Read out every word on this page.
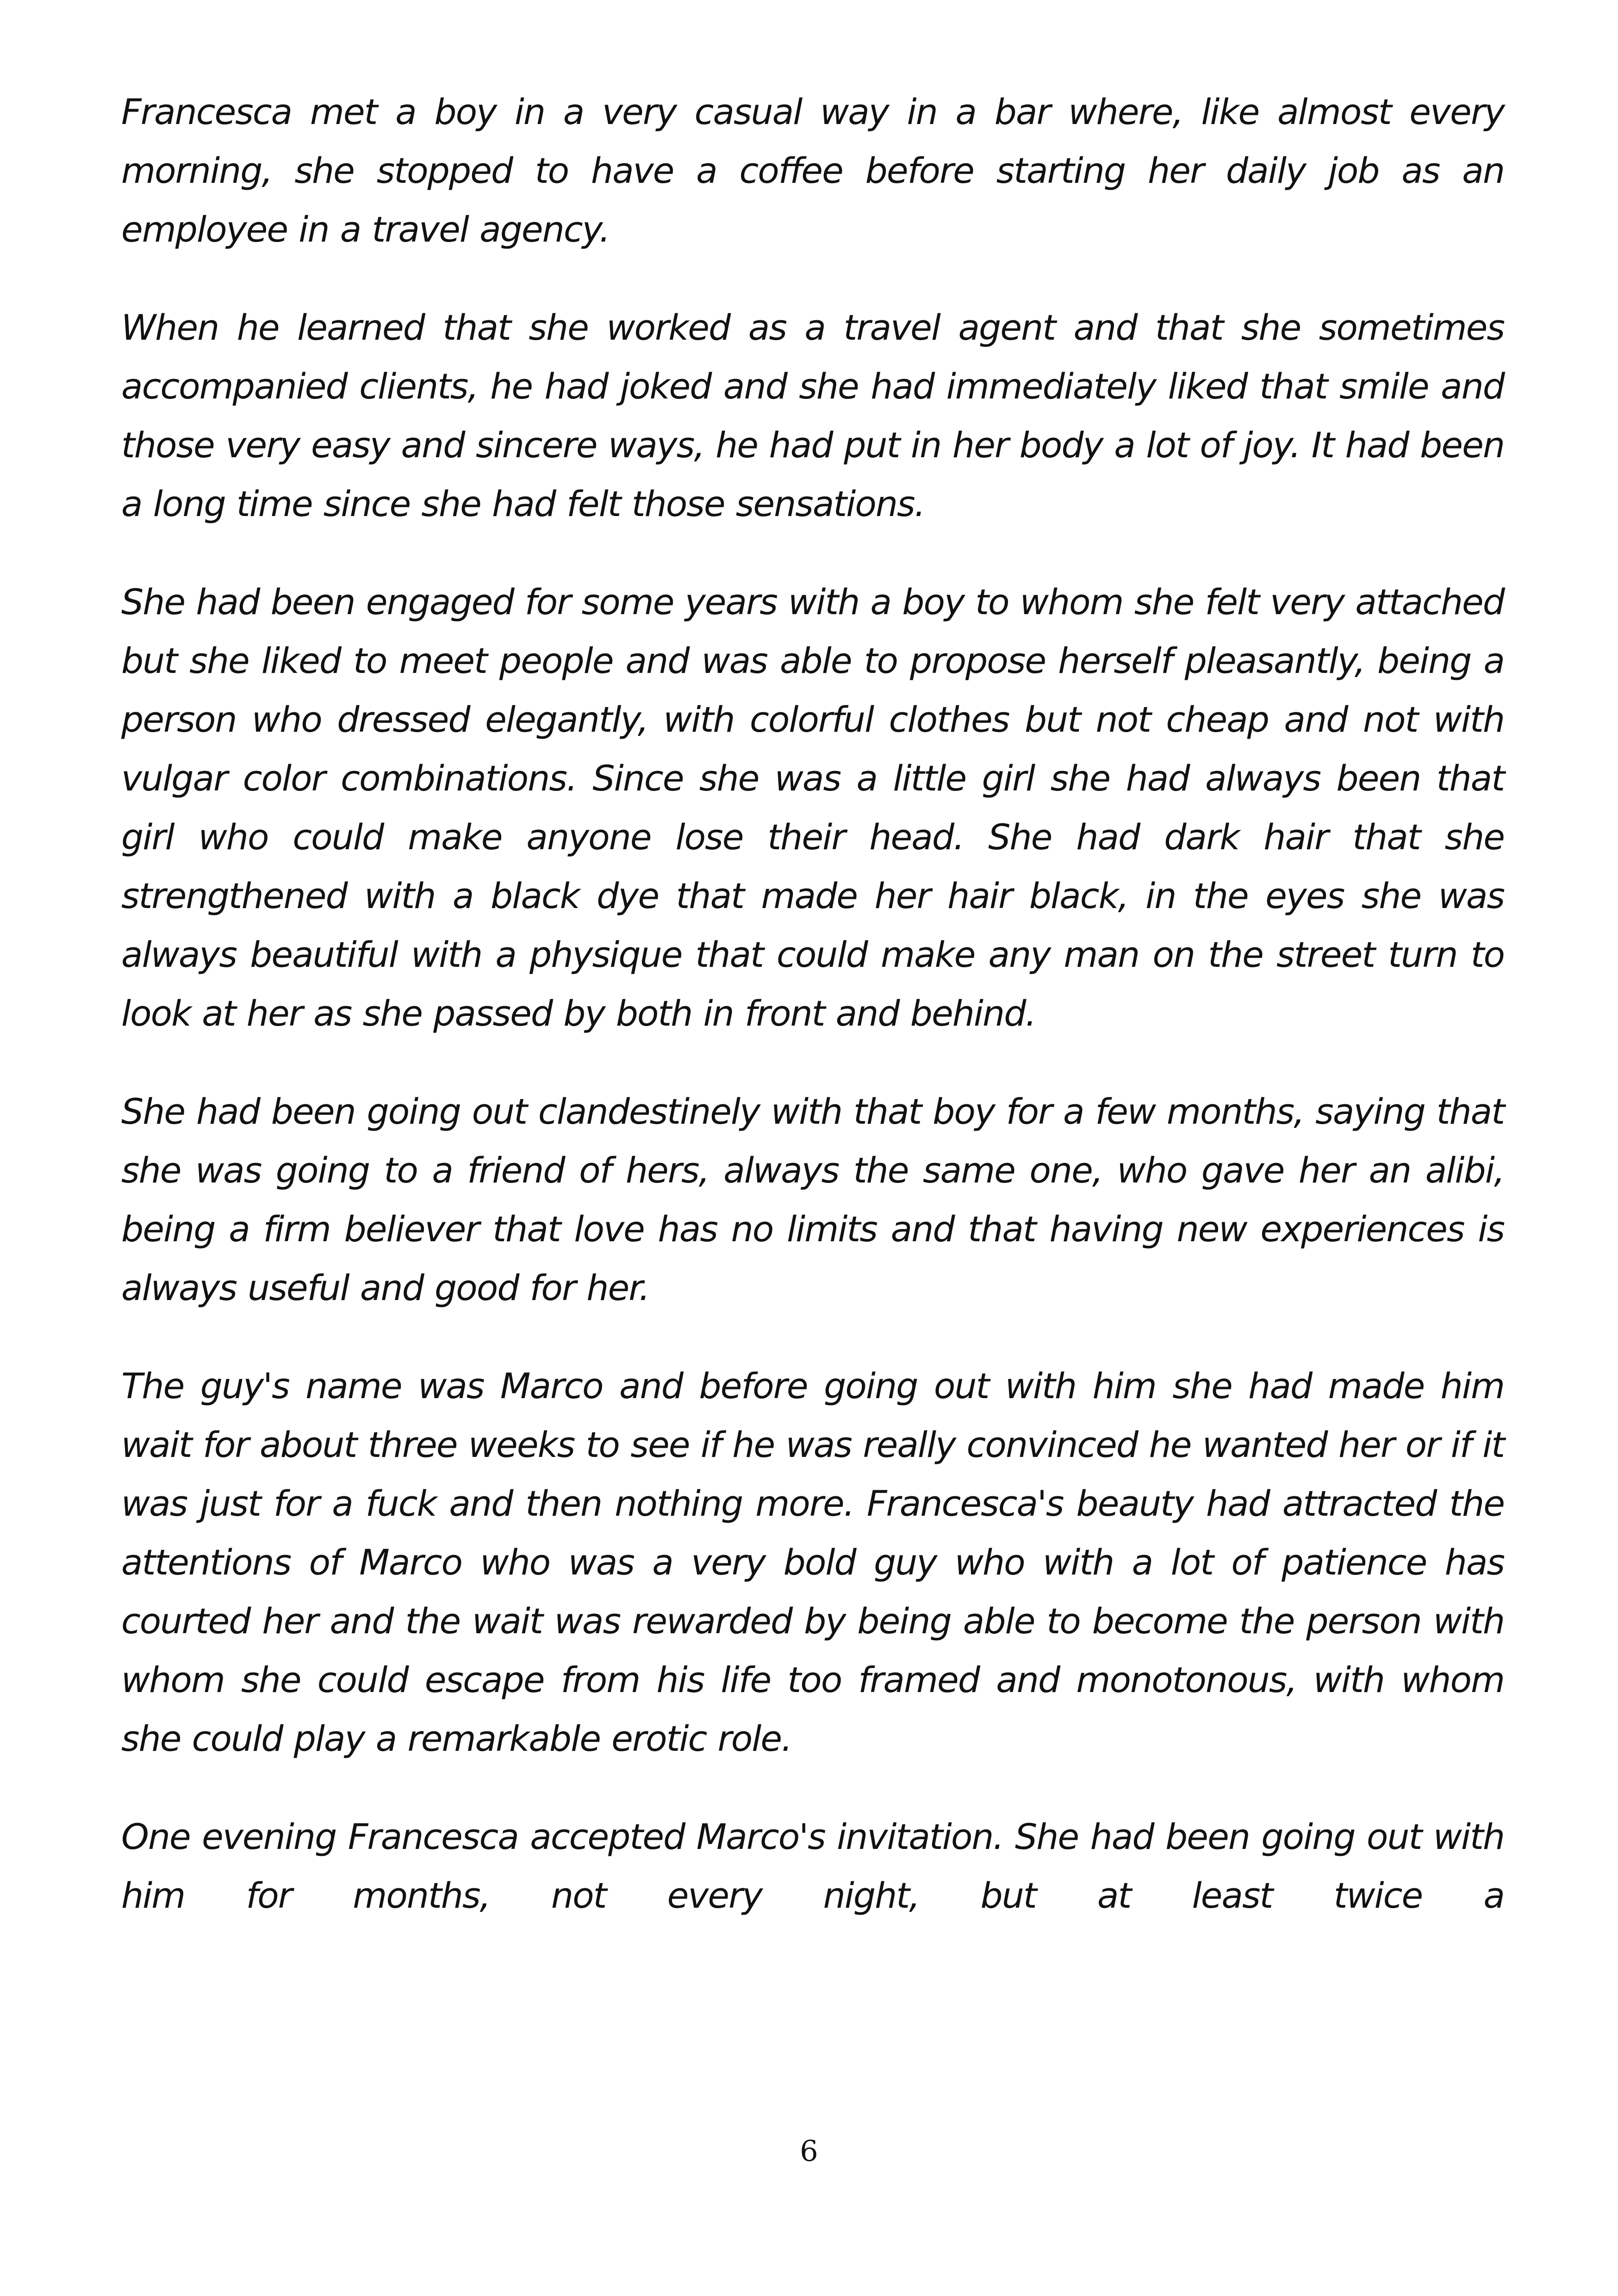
Francesca met a boy in a very casual way in a bar where, like almost every morning, she stopped to have a coffee before starting her daily job as an employee in a travel agency.

When he learned that she worked as a travel agent and that she sometimes accompanied clients, he had joked and she had immediately liked that smile and those very easy and sincere ways, he had put in her body a lot of joy. It had been a long time since she had felt those sensations.

She had been engaged for some years with a boy to whom she felt very attached but she liked to meet people and was able to propose herself pleasantly, being a person who dressed elegantly, with colorful clothes but not cheap and not with vulgar color combinations. Since she was a little girl she had always been that girl who could make anyone lose their head. She had dark hair that she strengthened with a black dye that made her hair black, in the eyes she was always beautiful with a physique that could make any man on the street turn to look at her as she passed by both in front and behind.

She had been going out clandestinely with that boy for a few months, saying that she was going to a friend of hers, always the same one, who gave her an alibi, being a firm believer that love has no limits and that having new experiences is always useful and good for her.

The guy's name was Marco and before going out with him she had made him wait for about three weeks to see if he was really convinced he wanted her or if it was just for a fuck and then nothing more. Francesca's beauty had attracted the attentions of Marco who was a very bold guy who with a lot of patience has courted her and the wait was rewarded by being able to become the person with whom she could escape from his life too framed and monotonous, with whom she could play a remarkable erotic role.

One evening Francesca accepted Marco's invitation. She had been going out with him for months, not every night, but at least twice a

6
